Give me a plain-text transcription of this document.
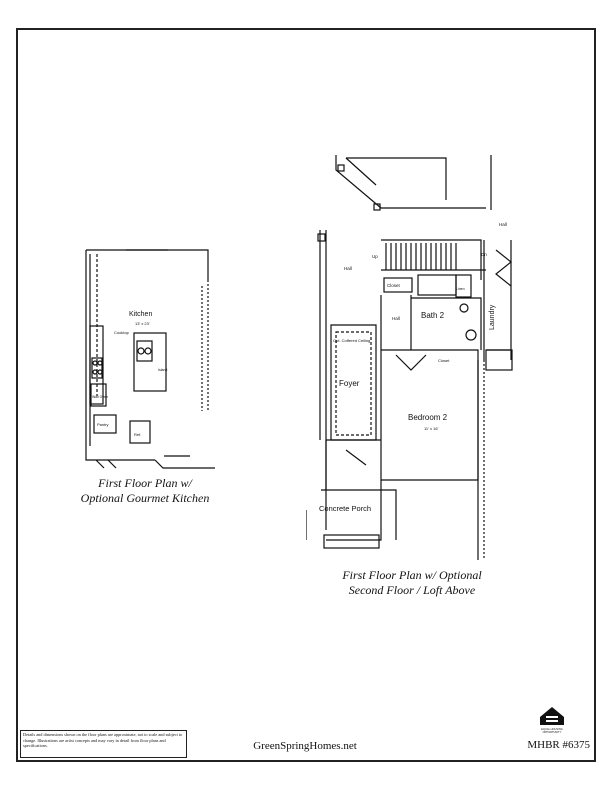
Kitchen
13' x 23'
Cooktop
Island
Ref.
Pantry
Wall Oven
First Floor Plan w/
Optional Gourmet Kitchen
Hall
Hall
Hall
Up	Dn
Closet
Linen
Bath 2	Laundry
Opt. Coffered Ceiling
Foyer
Bedroom 2
11' x 16'
Closet
Concrete Porch
First Floor Plan w/ Optional
Second Floor / Loft Above
Details and dimensions shown on the floor plans are approximate, not to scale and subject to change. Illustrations are artist concepts and may vary in detail from floor plans and specifications.	GreenSpringHomes.net	MHBR #6375
EQUAL HOUSING
OPPORTUNITY
